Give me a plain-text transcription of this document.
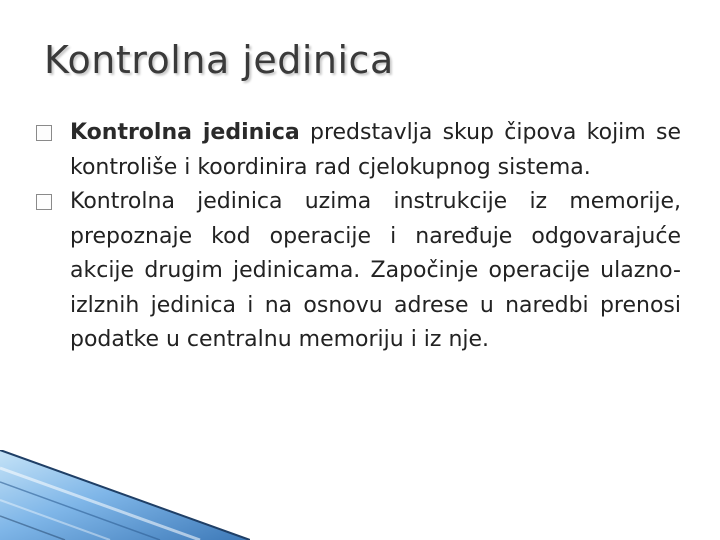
Kontrolna jedinica
Kontrolna jedinica predstavlja skup čipova kojim se kontroliše i koordinira rad cjelokupnog sistema.
Kontrolna jedinica uzima instrukcije iz memorije, prepoznaje kod operacije i naređuje odgovarajuće akcije drugim jedinicama. Započinje operacije ulazno-izlznih jedinica i na osnovu adrese u naredbi prenosi podatke u centralnu memoriju i iz nje.
